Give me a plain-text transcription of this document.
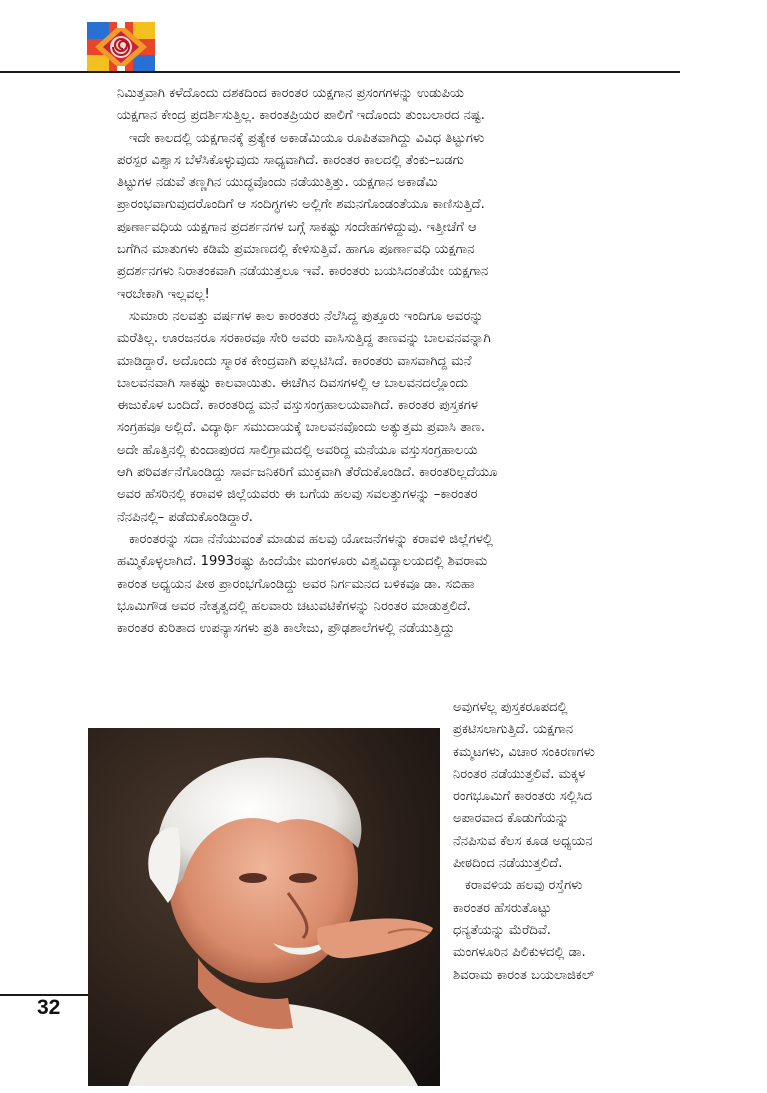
ನಿಮಿತ್ತವಾಗಿ ಕಳೆದೊಂದು ದಶಕದಿಂದ ಕಾರಂತರ ಯಕ್ಷಗಾನ ಪ್ರಸಂಗಗಳನ್ನು ಉಡುಪಿಯ
ಯಕ್ಷಗಾನ ಕೇಂದ್ರ ಪ್ರದರ್ಶಿಸುತ್ತಿಲ್ಲ. ಕಾರಂತಪ್ರಿಯರ ಪಾಲಿಗೆ ಇದೊಂದು ತುಂಬಲಾರದ ನಷ್ಟ.
ಇದೇ ಕಾಲದಲ್ಲಿ ಯಕ್ಷಗಾನಕ್ಕೆ ಪ್ರತ್ಯೇಕ ಅಕಾಡೆಮಿಯೂ ರೂಪಿತವಾಗಿದ್ದು ವಿವಿಧ ತಿಟ್ಟುಗಳು
ಪರಸ್ಪರ ವಿಶ್ವಾಸ ಬೆಳೆಸಿಕೊಳ್ಳುವುದು ಸಾಧ್ಯವಾಗಿದೆ. ಕಾರಂತರ ಕಾಲದಲ್ಲಿ ತೆಂಕು–ಬಡಗು
ತಿಟ್ಟುಗಳ ನಡುವೆ ತಣ್ಣಗಿನ ಯುದ್ಧವೊಂದು ನಡೆಯುತ್ತಿತ್ತು. ಯಕ್ಷಗಾನ ಅಕಾಡೆಮಿ
ಪ್ರಾರಂಭವಾಗುವುದರೊಂದಿಗೆ ಆ ಸಂದಿಗ್ಧಗಳು ಅಲ್ಲಿಗೇ ಶಮನಗೊಂಡಂತೆಯೂ ಕಾಣಿಸುತ್ತಿದೆ.
ಪೂರ್ಣಾವಧಿಯ ಯಕ್ಷಗಾನ ಪ್ರದರ್ಶನಗಳ ಬಗ್ಗೆ ಸಾಕಷ್ಟು ಸಂದೇಹಗಳಿದ್ದುವು. ಇತ್ತೀಚೆಗೆ ಆ
ಬಗೆಗಿನ ಮಾತುಗಳು ಕಡಿಮೆ ಪ್ರಮಾಣದಲ್ಲಿ ಕೇಳಿಸುತ್ತಿವೆ. ಹಾಗೂ ಪೂರ್ಣಾವಧಿ ಯಕ್ಷಗಾನ
ಪ್ರದರ್ಶನಗಳು ನಿರಾತಂಕವಾಗಿ ನಡೆಯುತ್ತಲೂ ಇವೆ. ಕಾರಂತರು ಬಯಸಿದಂತೆಯೇ ಯಕ್ಷಗಾನ
ಇರಬೇಕಾಗಿ ಇಲ್ಲವಲ್ಲ!
ಸುಮಾರು ನಲವತ್ತು ವರ್ಷಗಳ ಕಾಲ ಕಾರಂತರು ನೆಲೆಸಿದ್ದ ಪುತ್ತೂರು ಇಂದಿಗೂ ಅವರನ್ನು
ಮರೆತಿಲ್ಲ. ಊರಜನರೂ ಸರಕಾರವೂ ಸೇರಿ ಅವರು ವಾಸಿಸುತ್ತಿದ್ದ ತಾಣವನ್ನು ಬಾಲವನವನ್ನಾಗಿ
ಮಾಡಿದ್ದಾರೆ. ಅದೊಂದು ಸ್ಮಾರಕ ಕೇಂದ್ರವಾಗಿ ಪಲ್ಲಟಿಸಿದೆ. ಕಾರಂತರು ವಾಸವಾಗಿದ್ದ ಮನೆ
ಬಾಲವನವಾಗಿ ಸಾಕಷ್ಟು ಕಾಲವಾಯಿತು. ಈಚೆಗಿನ ದಿವಸಗಳಲ್ಲಿ ಆ ಬಾಲವನದಲ್ಲೊಂದು
ಈಜುಕೊಳ ಬಂದಿದೆ. ಕಾರಂತರಿದ್ದ ಮನೆ ವಸ್ತುಸಂಗ್ರಹಾಲಯವಾಗಿದೆ. ಕಾರಂತರ ಪುಸ್ತಕಗಳ
ಸಂಗ್ರಹವೂ ಅಲ್ಲಿದೆ. ವಿದ್ಯಾರ್ಥಿ ಸಮುದಾಯಕ್ಕೆ ಬಾಲವನವೊಂದು ಅತ್ಯುತ್ತಮ ಪ್ರವಾಸಿ ತಾಣ.
ಅದೇ ಹೊತ್ತಿನಲ್ಲಿ ಕುಂದಾಪುರದ ಸಾಲಿಗ್ರಾಮದಲ್ಲಿ ಅವರಿದ್ದ ಮನೆಯೂ ವಸ್ತುಸಂಗ್ರಹಾಲಯ
ಆಗಿ ಪರಿವರ್ತನೆಗೊಂಡಿದ್ದು ಸಾರ್ವಜನಿಕರಿಗೆ ಮುಕ್ತವಾಗಿ ತೆರೆದುಕೊಂಡಿದೆ. ಕಾರಂತರಿಲ್ಲದೆಯೂ
ಅವರ ಹೆಸರಿನಲ್ಲಿ ಕರಾವಳಿ ಜಿಲ್ಲೆಯವರು ಈ ಬಗೆಯ ಹಲವು ಸವಲತ್ತುಗಳನ್ನು –ಕಾರಂತರ
ನೆನಪಿನಲ್ಲಿ– ಪಡೆದುಕೊಂಡಿದ್ದಾರೆ.
ಕಾರಂತರನ್ನು ಸದಾ ನೆನೆಯುವಂತೆ ಮಾಡುವ ಹಲವು ಯೋಜನೆಗಳನ್ನು ಕರಾವಳಿ ಜಿಲ್ಲೆಗಳಲ್ಲಿ
ಹಮ್ಮಿಕೊಳ್ಳಲಾಗಿದೆ. 1993ರಷ್ಟು ಹಿಂದೆಯೇ ಮಂಗಳೂರು ವಿಶ್ವವಿದ್ಯಾಲಯದಲ್ಲಿ ಶಿವರಾಮ
ಕಾರಂತ ಅಧ್ಯಯನ ಪೀಠ ಪ್ರಾರಂಭಗೊಂಡಿದ್ದು ಅವರ ನಿರ್ಗಮನದ ಬಳಿಕವೂ ಡಾ. ಸಬಿಹಾ
ಭೂಮಿಗೌಡ ಅವರ ನೇತೃತ್ವದಲ್ಲಿ ಹಲವಾರು ಚಟುವಟಿಕೆಗಳನ್ನು ನಿರಂತರ ಮಾಡುತ್ತಲಿದೆ.
ಕಾರಂತರ ಕುರಿತಾದ ಉಪನ್ಯಾಸಗಳು ಪ್ರತಿ ಕಾಲೇಜು, ಪ್ರೌಢಶಾಲೆಗಳಲ್ಲಿ ನಡೆಯುತ್ತಿದ್ದು
ಅವುಗಳೆಲ್ಲ ಪುಸ್ತಕರೂಪದಲ್ಲಿ
ಪ್ರಕಟಿಸಲಾಗುತ್ತಿದೆ. ಯಕ್ಷಗಾನ
ಕಮ್ಮಟಗಳು, ವಿಚಾರ ಸಂಕಿರಣಗಳು
ನಿರಂತರ ನಡೆಯುತ್ತಲಿವೆ. ಮಕ್ಕಳ
ರಂಗಭೂಮಿಗೆ ಕಾರಂತರು ಸಲ್ಲಿಸಿದ
ಅಪಾರವಾದ ಕೊಡುಗೆಯನ್ನು
ನೆನಪಿಸುವ ಕೆಲಸ ಕೂಡ ಅಧ್ಯಯನ
ಪೀಠದಿಂದ ನಡೆಯುತ್ತಲಿದೆ.
ಕರಾವಳಿಯ ಹಲವು ರಸ್ತೆಗಳು
ಕಾರಂತರ ಹೆಸರುತೊಟ್ಟು
ಧನ್ಯತೆಯನ್ನು ಮೆರೆದಿವೆ.
ಮಂಗಳೂರಿನ ಪಿಲಿಕುಳದಲ್ಲಿ ಡಾ.
ಶಿವರಾಮ ಕಾರಂತ ಬಯಲಾಜಿಕಲ್
32
